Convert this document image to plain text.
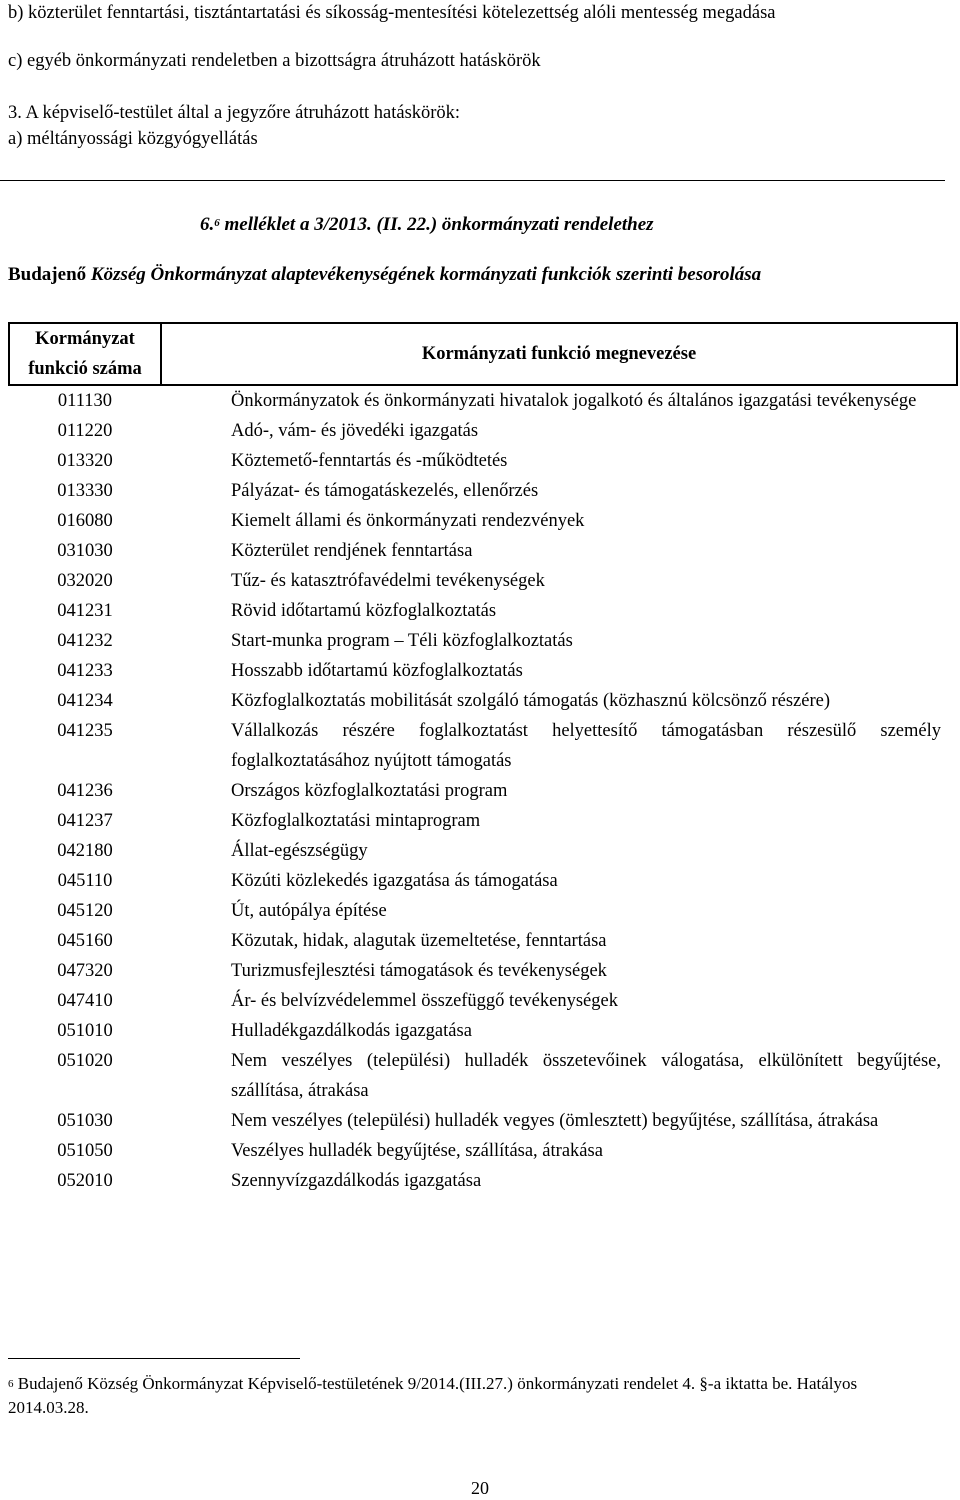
b) közterület fenntartási, tisztántartatási és síkosság-mentesítési kötelezettség alóli mentesség megadása
c) egyéb önkormányzati rendeletben a bizottságra átruházott hatáskörök
3. A képviselő-testület által a jegyzőre átruházott hatáskörök:
a) méltányossági közgyógyellátás
6.$^6$ melléklet a 3/2013. (II. 22.) önkormányzati rendelethez
Budajenő Község Önkormányzat alaptevékenységének kormányzati funkciók szerinti besorolása
Kormányzat funkció száma	Kormányzati funkció megnevezése
011130	Önkormányzatok és önkormányzati hivatalok jogalkotó és általános igazgatási tevékenysége
011220	Adó-, vám- és jövedéki igazgatás
013320	Köztemető-fenntartás és -működtetés
013330	Pályázat- és támogatáskezelés, ellenőrzés
016080	Kiemelt állami és önkormányzati rendezvények
031030	Közterület rendjének fenntartása
032020	Tűz- és katasztrófavédelmi tevékenységek
041231	Rövid időtartamú közfoglalkoztatás
041232	Start-munka program – Téli közfoglalkoztatás
041233	Hosszabb időtartamú közfoglalkoztatás
041234	Közfoglalkoztatás mobilitását szolgáló támogatás (közhasznú kölcsönző részére)
041235	Vállalkozás részére foglalkoztatást helyettesítő támogatásban részesülő személy foglalkoztatásához nyújtott támogatás
041236	Országos közfoglalkoztatási program
041237	Közfoglalkoztatási mintaprogram
042180	Állat-egészségügy
045110	Közúti közlekedés igazgatása ás támogatása
045120	Út, autópálya építése
045160	Közutak, hidak, alagutak üzemeltetése, fenntartása
047320	Turizmusfejlesztési támogatások és tevékenységek
047410	Ár- és belvízvédelemmel összefüggő tevékenységek
051010	Hulladékgazdálkodás igazgatása
051020	Nem veszélyes (települési) hulladék összetevőinek válogatása, elkülönített begyűjtése, szállítása, átrakása
051030	Nem veszélyes (települési) hulladék vegyes (ömlesztett) begyűjtése, szállítása, átrakása
051050	Veszélyes hulladék begyűjtése, szállítása, átrakása
052010	Szennyvízgazdálkodás igazgatása
$^6$ Budajenő Község Önkormányzat Képviselő-testületének 9/2014.(III.27.) önkormányzati rendelet 4. §-a iktatta be. Hatályos 2014.03.28.
20
